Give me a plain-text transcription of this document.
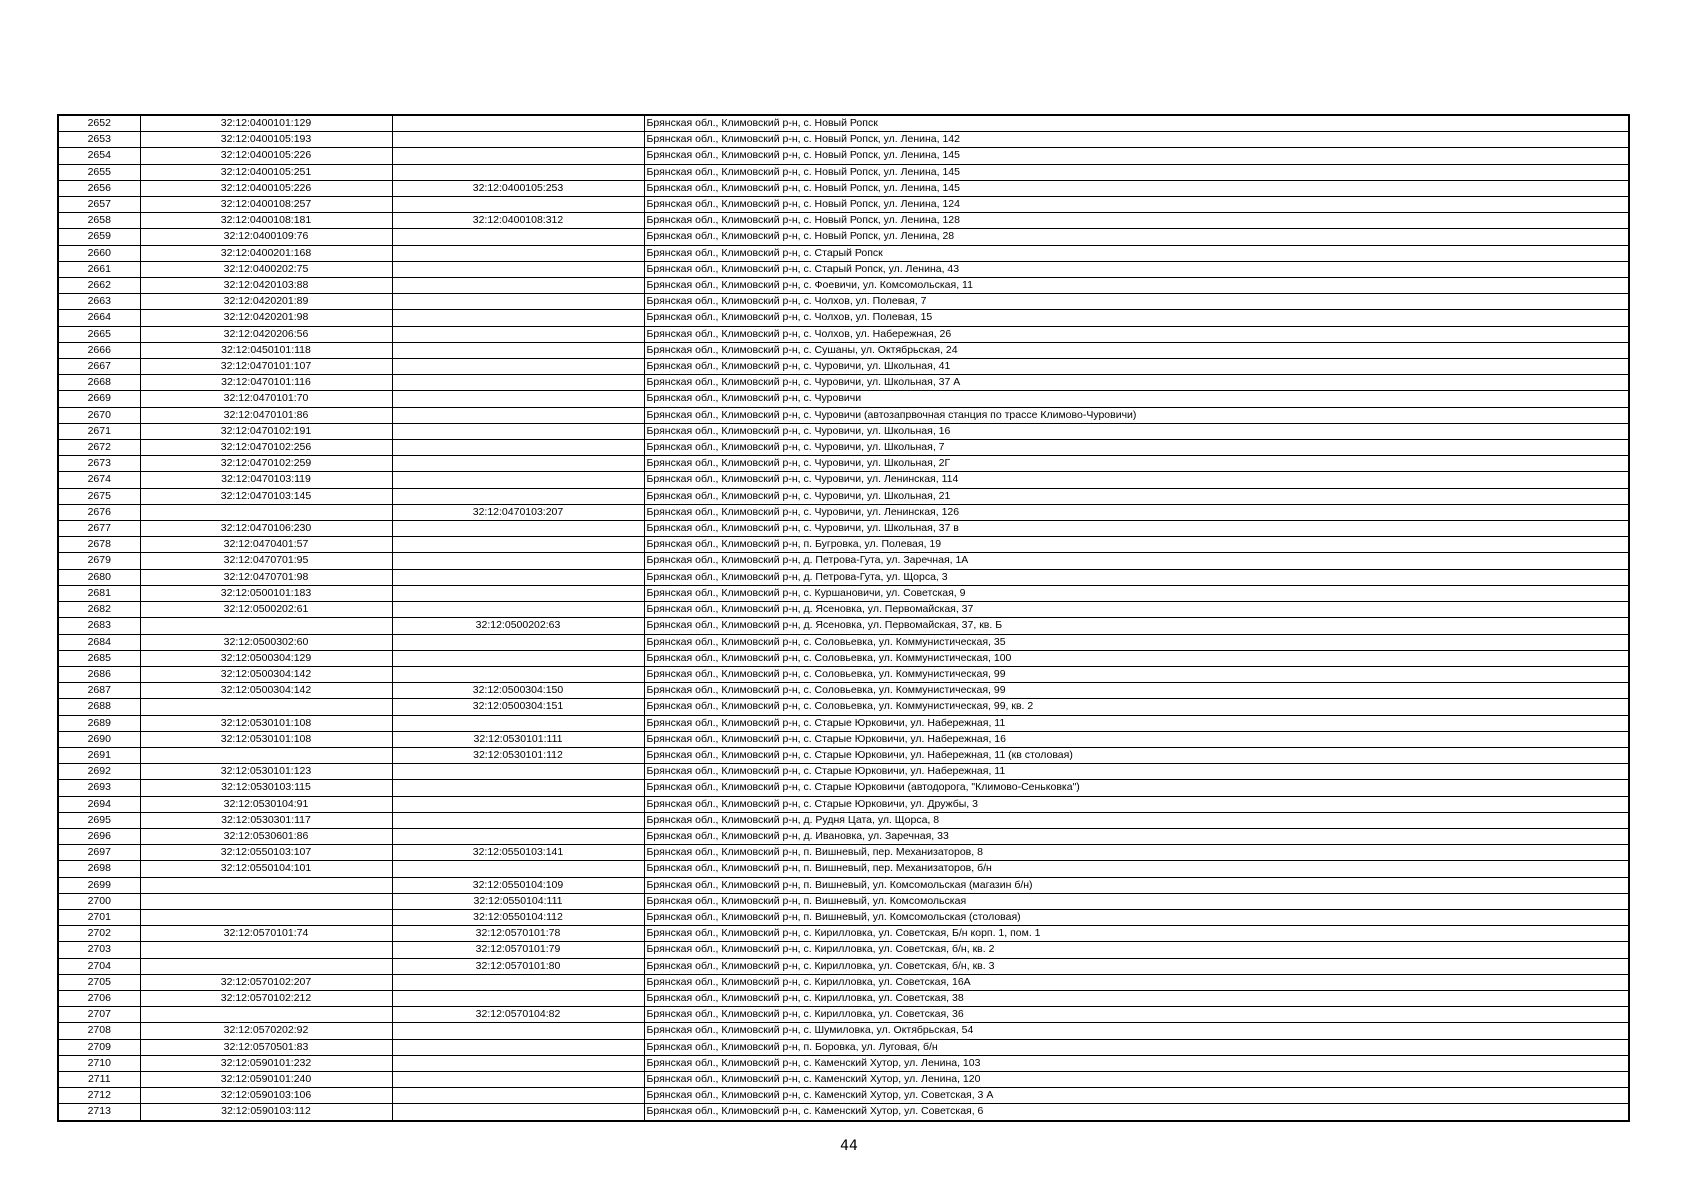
2652	32:12:0400101:129		Брянская обл., Климовский р-н, с. Новый Ропск
2653	32:12:0400105:193		Брянская обл., Климовский р-н, с. Новый Ропск, ул. Ленина, 142
2654	32:12:0400105:226		Брянская обл., Климовский р-н, с. Новый Ропск, ул. Ленина, 145
2655	32:12:0400105:251		Брянская обл., Климовский р-н, с. Новый Ропск, ул. Ленина, 145
2656	32:12:0400105:226	32:12:0400105:253	Брянская обл., Климовский р-н, с. Новый Ропск, ул. Ленина, 145
2657	32:12:0400108:257		Брянская обл., Климовский р-н, с. Новый Ропск, ул. Ленина, 124
2658	32:12:0400108:181	32:12:0400108:312	Брянская обл., Климовский р-н, с. Новый Ропск, ул. Ленина, 128
2659	32:12:0400109:76		Брянская обл., Климовский р-н, с. Новый Ропск, ул. Ленина, 28
2660	32:12:0400201:168		Брянская обл., Климовский р-н, с. Старый Ропск
2661	32:12:0400202:75		Брянская обл., Климовский р-н, с. Старый Ропск, ул. Ленина, 43
2662	32:12:0420103:88		Брянская обл., Климовский р-н, с. Фоевичи, ул. Комсомольская, 11
2663	32:12:0420201:89		Брянская обл., Климовский р-н, с. Чолхов, ул. Полевая, 7
2664	32:12:0420201:98		Брянская обл., Климовский р-н, с. Чолхов, ул. Полевая, 15
2665	32:12:0420206:56		Брянская обл., Климовский р-н, с. Чолхов, ул. Набережная, 26
2666	32:12:0450101:118		Брянская обл., Климовский р-н, с. Сушаны, ул. Октябрьская, 24
2667	32:12:0470101:107		Брянская обл., Климовский р-н, с. Чуровичи, ул. Школьная, 41
2668	32:12:0470101:116		Брянская обл., Климовский р-н, с. Чуровичи, ул. Школьная, 37 А
2669	32:12:0470101:70		Брянская обл., Климовский р-н, с. Чуровичи
2670	32:12:0470101:86		Брянская обл., Климовский р-н, с. Чуровичи (автозапрвочная станция по трассе Климово-Чуровичи)
2671	32:12:0470102:191		Брянская обл., Климовский р-н, с. Чуровичи, ул. Школьная, 16
2672	32:12:0470102:256		Брянская обл., Климовский р-н, с. Чуровичи, ул. Школьная, 7
2673	32:12:0470102:259		Брянская обл., Климовский р-н, с. Чуровичи, ул. Школьная, 2Г
2674	32:12:0470103:119		Брянская обл., Климовский р-н, с. Чуровичи, ул. Ленинская, 114
2675	32:12:0470103:145		Брянская обл., Климовский р-н, с. Чуровичи, ул. Школьная, 21
2676		32:12:0470103:207	Брянская обл., Климовский р-н, с. Чуровичи, ул. Ленинская, 126
2677	32:12:0470106:230		Брянская обл., Климовский р-н, с. Чуровичи, ул. Школьная, 37 в
2678	32:12:0470401:57		Брянская обл., Климовский р-н, п. Бугровка, ул. Полевая, 19
2679	32:12:0470701:95		Брянская обл., Климовский р-н, д. Петрова-Гута, ул. Заречная, 1А
2680	32:12:0470701:98		Брянская обл., Климовский р-н, д. Петрова-Гута, ул. Щорса, 3
2681	32:12:0500101:183		Брянская обл., Климовский р-н, с. Куршановичи, ул. Советская, 9
2682	32:12:0500202:61		Брянская обл., Климовский р-н, д. Ясеновка, ул. Первомайская, 37
2683		32:12:0500202:63	Брянская обл., Климовский р-н, д. Ясеновка, ул. Первомайская, 37, кв. Б
2684	32:12:0500302:60		Брянская обл., Климовский р-н, с. Соловьевка, ул. Коммунистическая, 35
2685	32:12:0500304:129		Брянская обл., Климовский р-н, с. Соловьевка, ул. Коммунистическая, 100
2686	32:12:0500304:142		Брянская обл., Климовский р-н, с. Соловьевка, ул. Коммунистическая, 99
2687	32:12:0500304:142	32:12:0500304:150	Брянская обл., Климовский р-н, с. Соловьевка, ул. Коммунистическая, 99
2688		32:12:0500304:151	Брянская обл., Климовский р-н, с. Соловьевка, ул. Коммунистическая, 99, кв. 2
2689	32:12:0530101:108		Брянская обл., Климовский р-н, с. Старые Юрковичи, ул. Набережная, 11
2690	32:12:0530101:108	32:12:0530101:111	Брянская обл., Климовский р-н, с. Старые Юрковичи, ул. Набережная, 16
2691		32:12:0530101:112	Брянская обл., Климовский р-н, с. Старые Юрковичи, ул. Набережная, 11 (кв столовая)
2692	32:12:0530101:123		Брянская обл., Климовский р-н, с. Старые Юрковичи, ул. Набережная, 11
2693	32:12:0530103:115		Брянская обл., Климовский р-н, с. Старые Юрковичи (автодорога, "Климово-Сеньковка")
2694	32:12:0530104:91		Брянская обл., Климовский р-н, с. Старые Юрковичи, ул. Дружбы, 3
2695	32:12:0530301:117		Брянская обл., Климовский р-н, д. Рудня Цата, ул. Щорса, 8
2696	32:12:0530601:86		Брянская обл., Климовский р-н, д. Ивановка, ул. Заречная, 33
2697	32:12:0550103:107	32:12:0550103:141	Брянская обл., Климовский р-н, п. Вишневый, пер. Механизаторов, 8
2698	32:12:0550104:101		Брянская обл., Климовский р-н, п. Вишневый, пер. Механизаторов, б/н
2699		32:12:0550104:109	Брянская обл., Климовский р-н, п. Вишневый, ул. Комсомольская (магазин б/н)
2700		32:12:0550104:111	Брянская обл., Климовский р-н, п. Вишневый, ул. Комсомольская
2701		32:12:0550104:112	Брянская обл., Климовский р-н, п. Вишневый, ул. Комсомольская (столовая)
2702	32:12:0570101:74	32:12:0570101:78	Брянская обл., Климовский р-н, с. Кирилловка, ул. Советская, Б/н корп. 1, пом. 1
2703		32:12:0570101:79	Брянская обл., Климовский р-н, с. Кирилловка, ул. Советская, б/н, кв. 2
2704		32:12:0570101:80	Брянская обл., Климовский р-н, с. Кирилловка, ул. Советская, б/н, кв. 3
2705	32:12:0570102:207		Брянская обл., Климовский р-н, с. Кирилловка, ул. Советская, 16А
2706	32:12:0570102:212		Брянская обл., Климовский р-н, с. Кирилловка, ул. Советская, 38
2707		32:12:0570104:82	Брянская обл., Климовский р-н, с. Кирилловка, ул. Советская, 36
2708	32:12:0570202:92		Брянская обл., Климовский р-н, с. Шумиловка, ул. Октябрьская, 54
2709	32:12:0570501:83		Брянская обл., Климовский р-н, п. Боровка, ул. Луговая, б/н
2710	32:12:0590101:232		Брянская обл., Климовский р-н, с. Каменский Хутор, ул. Ленина, 103
2711	32:12:0590101:240		Брянская обл., Климовский р-н, с. Каменский Хутор, ул. Ленина, 120
2712	32:12:0590103:106		Брянская обл., Климовский р-н, с. Каменский Хутор, ул. Советская, 3 А
2713	32:12:0590103:112		Брянская обл., Климовский р-н, с. Каменский Хутор, ул. Советская, 6
44
